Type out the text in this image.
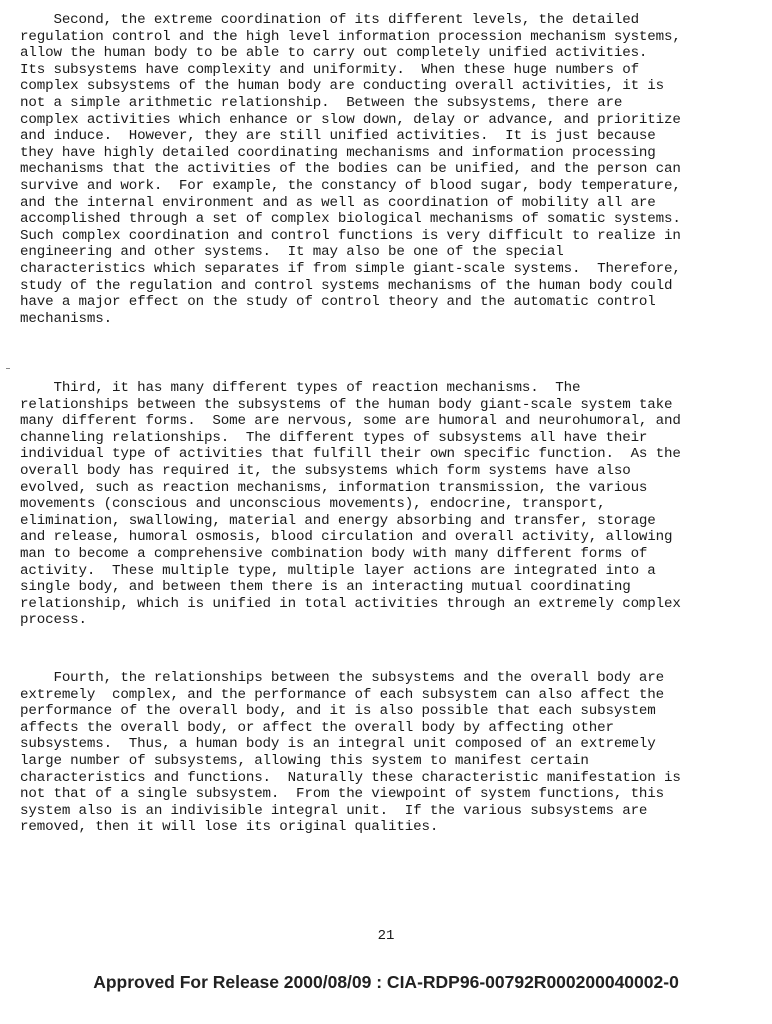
Second, the extreme coordination of its different levels, the detailed
regulation control and the high level information procession mechanism systems,
allow the human body to be able to carry out completely unified activities.
Its subsystems have complexity and uniformity.  When these huge numbers of
complex subsystems of the human body are conducting overall activities, it is
not a simple arithmetic relationship.  Between the subsystems, there are
complex activities which enhance or slow down, delay or advance, and prioritize
and induce.  However, they are still unified activities.  It is just because
they have highly detailed coordinating mechanisms and information processing
mechanisms that the activities of the bodies can be unified, and the person can
survive and work.  For example, the constancy of blood sugar, body temperature,
and the internal environment and as well as coordination of mobility all are
accomplished through a set of complex biological mechanisms of somatic systems.
Such complex coordination and control functions is very difficult to realize in
engineering and other systems.  It may also be one of the special
characteristics which separates if from simple giant-scale systems.  Therefore,
study of the regulation and control systems mechanisms of the human body could
have a major effect on the study of control theory and the automatic control
mechanisms.
Third, it has many different types of reaction mechanisms.  The
relationships between the subsystems of the human body giant-scale system take
many different forms.  Some are nervous, some are humoral and neurohumoral, and
channeling relationships.  The different types of subsystems all have their
individual type of activities that fulfill their own specific function.  As the
overall body has required it, the subsystems which form systems have also
evolved, such as reaction mechanisms, information transmission, the various
movements (conscious and unconscious movements), endocrine, transport,
elimination, swallowing, material and energy absorbing and transfer, storage
and release, humoral osmosis, blood circulation and overall activity, allowing
man to become a comprehensive combination body with many different forms of
activity.  These multiple type, multiple layer actions are integrated into a
single body, and between them there is an interacting mutual coordinating
relationship, which is unified in total activities through an extremely complex
process.
Fourth, the relationships between the subsystems and the overall body are
extremely  complex, and the performance of each subsystem can also affect the
performance of the overall body, and it is also possible that each subsystem
affects the overall body, or affect the overall body by affecting other
subsystems.  Thus, a human body is an integral unit composed of an extremely
large number of subsystems, allowing this system to manifest certain
characteristics and functions.  Naturally these characteristic manifestation is
not that of a single subsystem.  From the viewpoint of system functions, this
system also is an indivisible integral unit.  If the various subsystems are
removed, then it will lose its original qualities.
21
Approved For Release 2000/08/09 : CIA-RDP96-00792R000200040002-0
